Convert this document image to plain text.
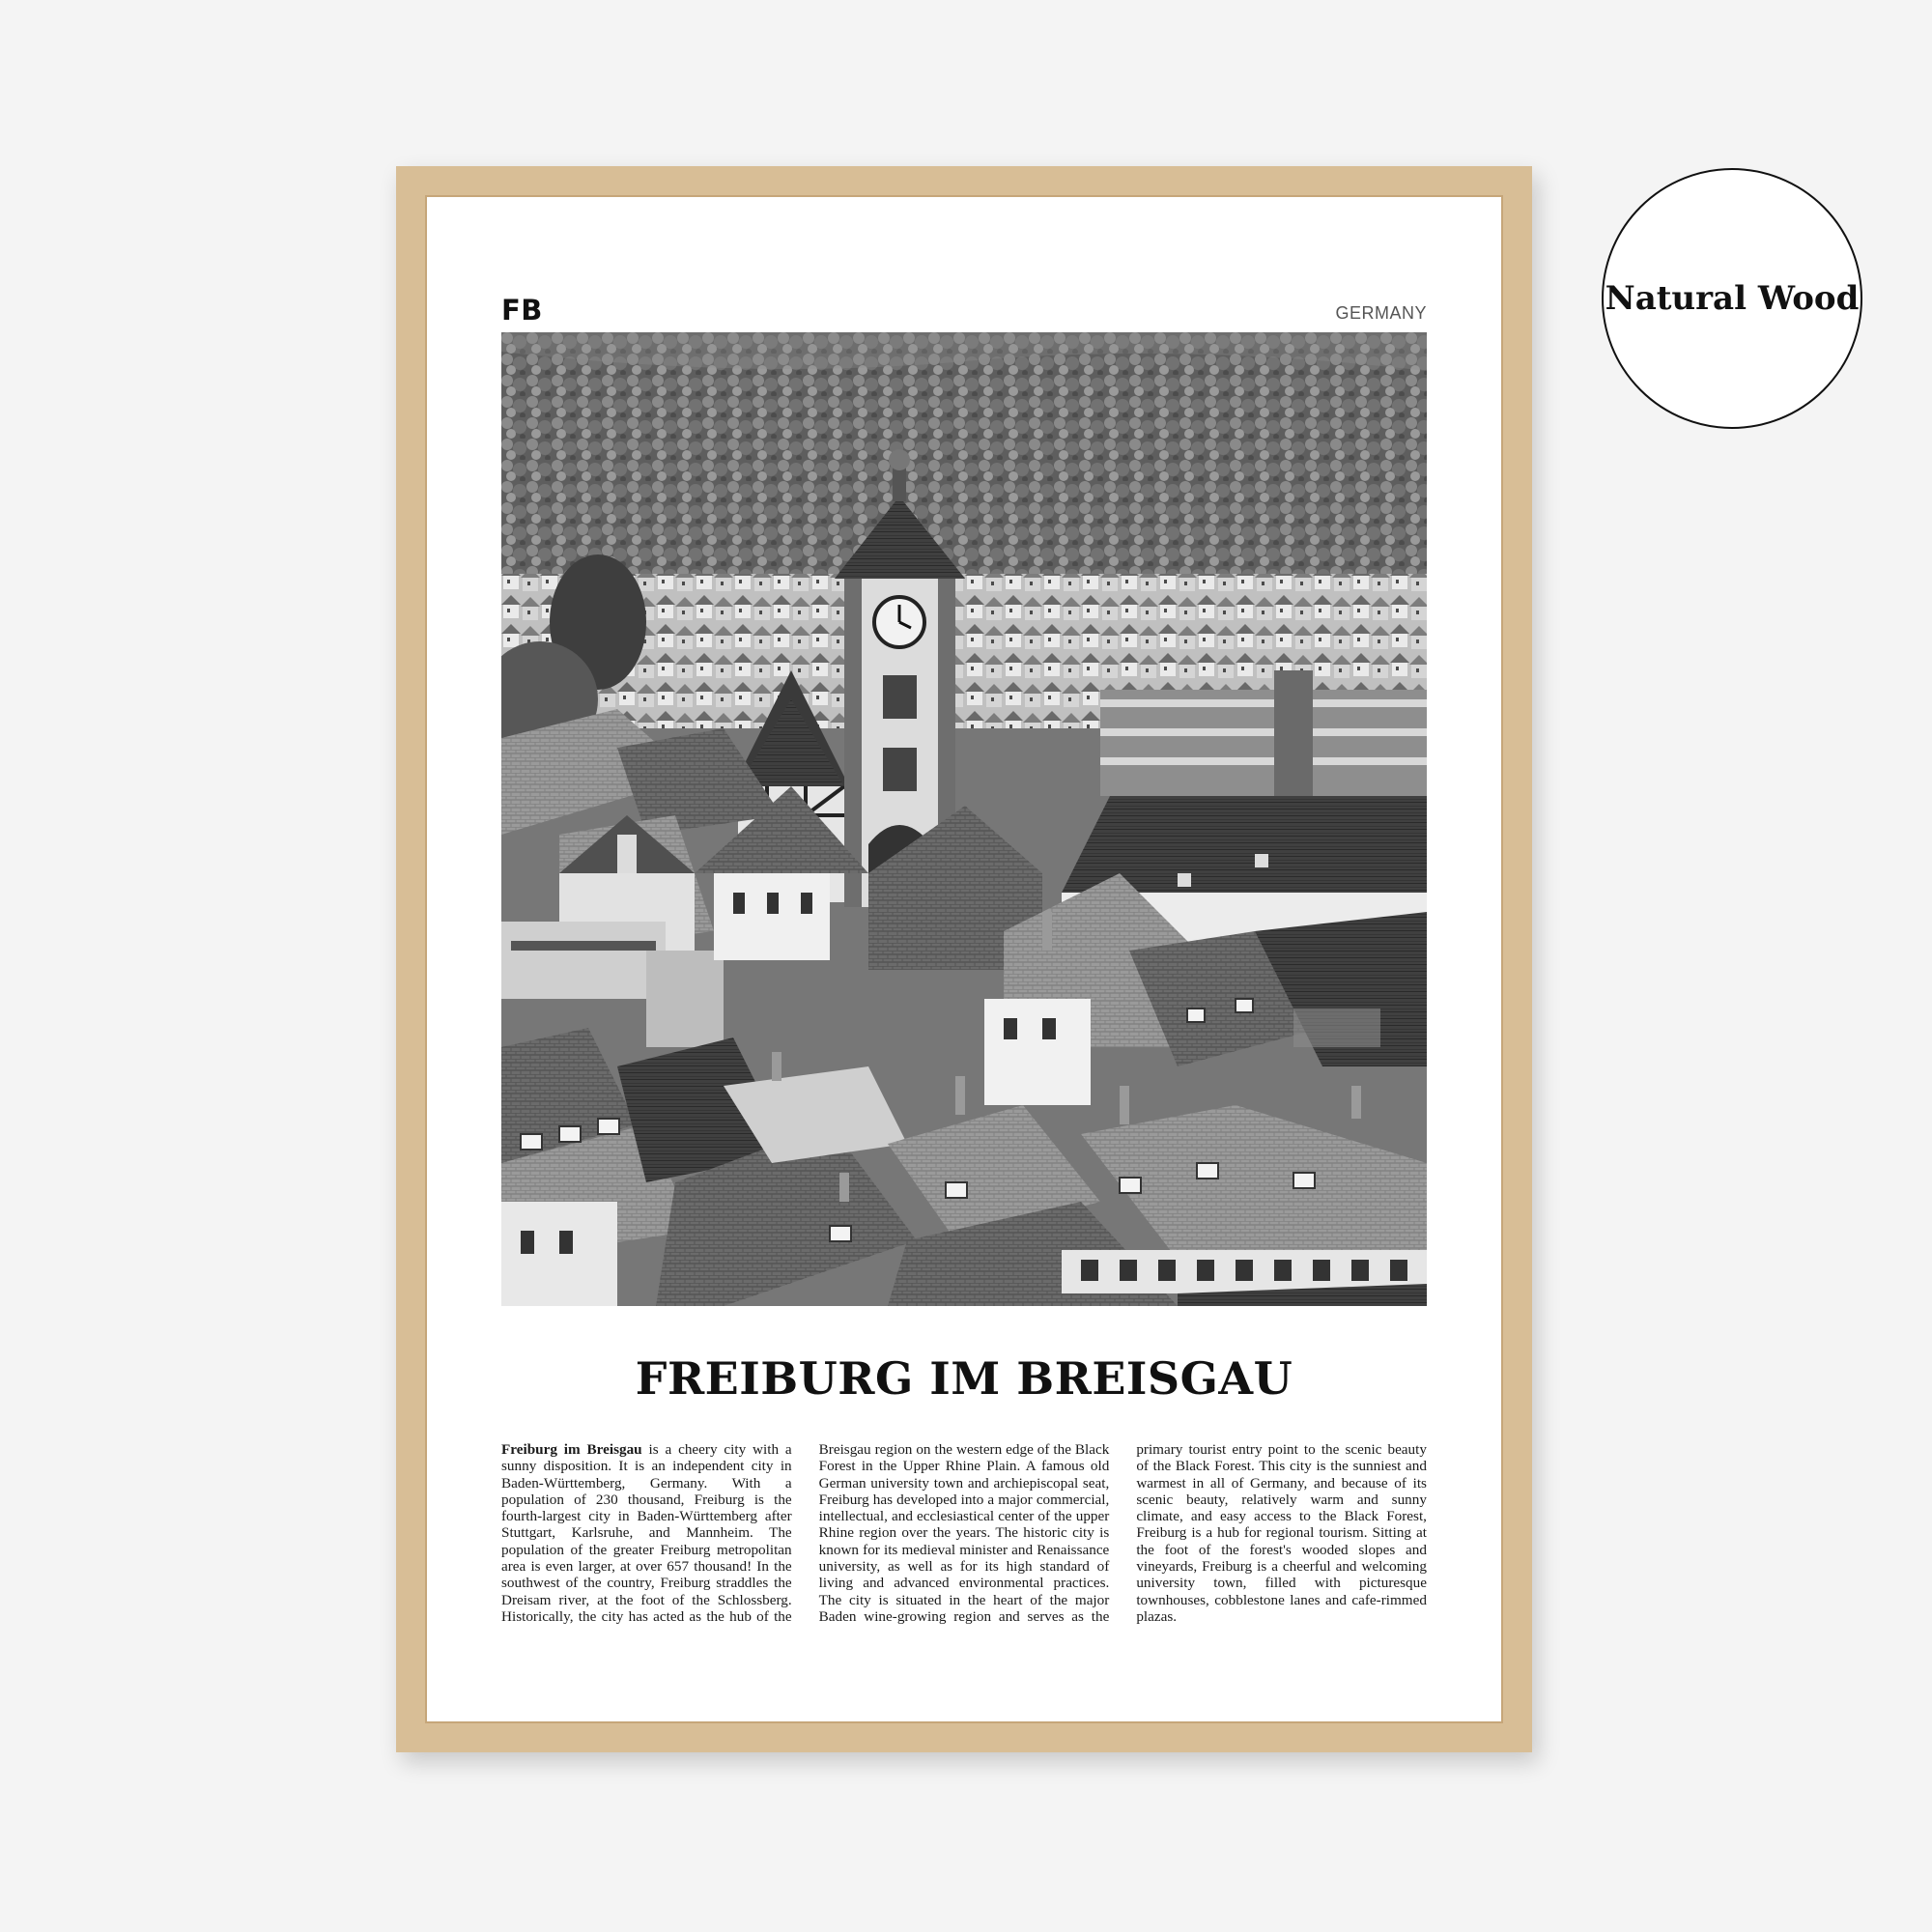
Natural Wood
FB	GERMANY
FREIBURG IM BREISGAU
Freiburg im Breisgau is a cheery city with a sunny disposition. It is an independent city in Baden-Württemberg, Germany. With a population of 230 thousand, Freiburg is the fourth-largest city in Baden-Württemberg after Stuttgart, Karlsruhe, and Mannheim. The population of the greater Freiburg metropolitan area is even larger, at over 657 thousand! In the southwest of the country, Freiburg straddles the Dreisam river, at the foot of the Schlossberg. Historically, the city has acted as the hub of the Breisgau region on the western edge of the Black Forest in the Upper Rhine Plain. A famous old German university town and archiepiscopal seat, Freiburg has developed into a major commercial, intellectual, and ecclesiastical center of the upper Rhine region over the years. The historic city is known for its medieval minister and Renaissance university, as well as for its high standard of living and advanced environmental practices. The city is situated in the heart of the major Baden wine-growing region and serves as the primary tourist entry point to the scenic beauty of the Black Forest. This city is the sunniest and warmest in all of Germany, and because of its scenic beauty, relatively warm and sunny climate, and easy access to the Black Forest, Freiburg is a hub for regional tourism. Sitting at the foot of the forest's wooded slopes and vineyards, Freiburg is a cheerful and welcoming university town, filled with picturesque townhouses, cobblestone lanes and cafe-rimmed plazas.
